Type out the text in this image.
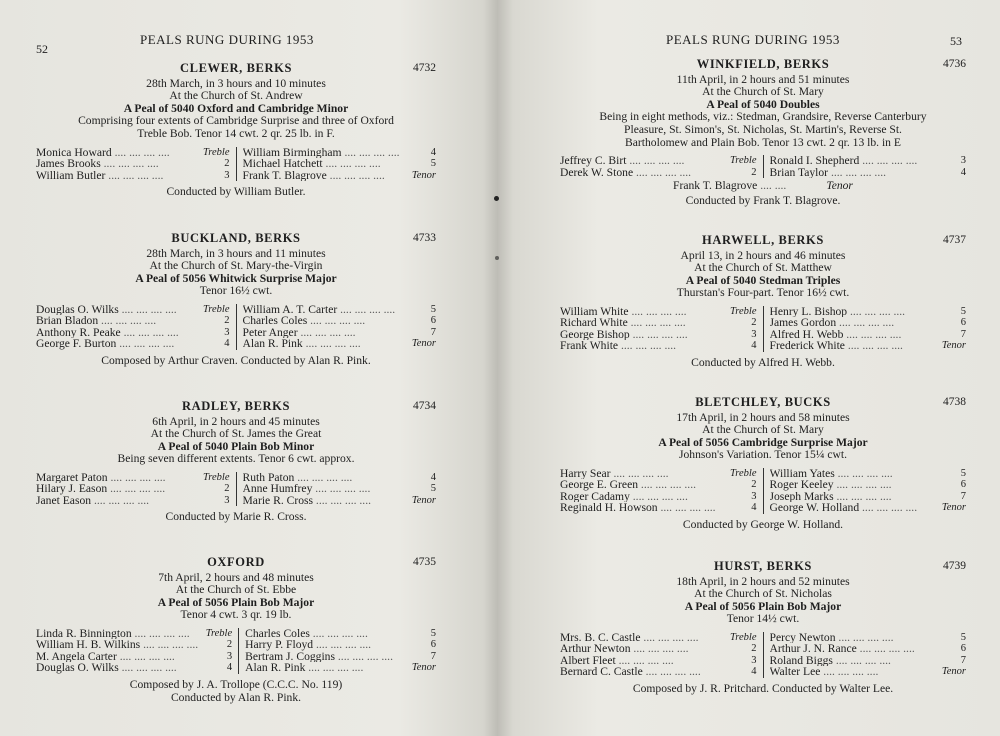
52
PEALS RUNG DURING 1953
CLEWER, BERKS	4732
28th March, in 3 hours and 10 minutes
At the Church of St. Andrew
A Peal of 5040 Oxford and Cambridge Minor
Comprising four extents of Cambridge Surprise and three of Oxford
Treble Bob. Tenor 14 cwt. 2 qr. 25 lb. in F.
Monica Howard ....	Treble
James Brooks ....	2
William Butler ....	3
William Birmingham ....	4
Michael Hatchett ....	5
Frank T. Blagrove ....	Tenor
Conducted by William Butler.
BUCKLAND, BERKS	4733
28th March, in 3 hours and 11 minutes
At the Church of St. Mary-the-Virgin
A Peal of 5056 Whitwick Surprise Major
Tenor 16½ cwt.
Douglas O. Wilks ....	Treble
Brian Bladon ....	2
Anthony R. Peake ....	3
George F. Burton ....	4
William A. T. Carter ....	5
Charles Coles ....	6
Peter Anger ....	7
Alan R. Pink ....	Tenor
Composed by Arthur Craven. Conducted by Alan R. Pink.
RADLEY, BERKS	4734
6th April, in 2 hours and 45 minutes
At the Church of St. James the Great
A Peal of 5040 Plain Bob Minor
Being seven different extents. Tenor 6 cwt. approx.
Margaret Paton ....	Treble
Hilary J. Eason ....	2
Janet Eason ....	3
Ruth Paton ....	4
Anne Humfrey ....	5
Marie R. Cross ....	Tenor
Conducted by Marie R. Cross.
OXFORD	4735
7th April, 2 hours and 48 minutes
At the Church of St. Ebbe
A Peal of 5056 Plain Bob Major
Tenor 4 cwt. 3 qr. 19 lb.
Linda R. Binnington ....	Treble
William H. B. Wilkins ....	2
M. Angela Carter ....	3
Douglas O. Wilks ....	4
Charles Coles ....	5
Harry P. Floyd ....	6
Bertram J. Coggins ....	7
Alan R. Pink ....	Tenor
Composed by J. A. Trollope (C.C.C. No. 119)
Conducted by Alan R. Pink.
PEALS RUNG DURING 1953	53
WINKFIELD, BERKS	4736
11th April, in 2 hours and 51 minutes
At the Church of St. Mary
A Peal of 5040 Doubles
Being in eight methods, viz.: Stedman, Grandsire, Reverse Canterbury
Pleasure, St. Simon's, St. Nicholas, St. Martin's, Reverse St.
Bartholomew and Plain Bob. Tenor 13 cwt. 2 qr. 13 lb. in E
Jeffrey C. Birt ....	Treble
Derek W. Stone ....	2
Ronald I. Shepherd ....	3
Brian Taylor ....	4
Frank T. Blagrove .... ....	Tenor
Conducted by Frank T. Blagrove.
HARWELL, BERKS	4737
April 13, in 2 hours and 46 minutes
At the Church of St. Matthew
A Peal of 5040 Stedman Triples
Thurstan's Four-part. Tenor 16½ cwt.
William White ....	Treble
Richard White ....	2
George Bishop ....	3
Frank White ....	4
Henry L. Bishop ....	5
James Gordon ....	6
Alfred H. Webb ....	7
Frederick White ....	Tenor
Conducted by Alfred H. Webb.
BLETCHLEY, BUCKS	4738
17th April, in 2 hours and 58 minutes
At the Church of St. Mary
A Peal of 5056 Cambridge Surprise Major
Johnson's Variation. Tenor 15¼ cwt.
Harry Sear ....	Treble
George E. Green ....	2
Roger Cadamy ....	3
Reginald H. Howson ....	4
William Yates ....	5
Roger Keeley ....	6
Joseph Marks ....	7
George W. Holland ....	Tenor
Conducted by George W. Holland.
HURST, BERKS	4739
18th April, in 2 hours and 52 minutes
At the Church of St. Nicholas
A Peal of 5056 Plain Bob Major
Tenor 14½ cwt.
Mrs. B. C. Castle ....	Treble
Arthur Newton ....	2
Albert Fleet ....	3
Bernard C. Castle ....	4
Percy Newton ....	5
Arthur J. N. Rance ....	6
Roland Biggs ....	7
Walter Lee ....	Tenor
Composed by J. R. Pritchard. Conducted by Walter Lee.
